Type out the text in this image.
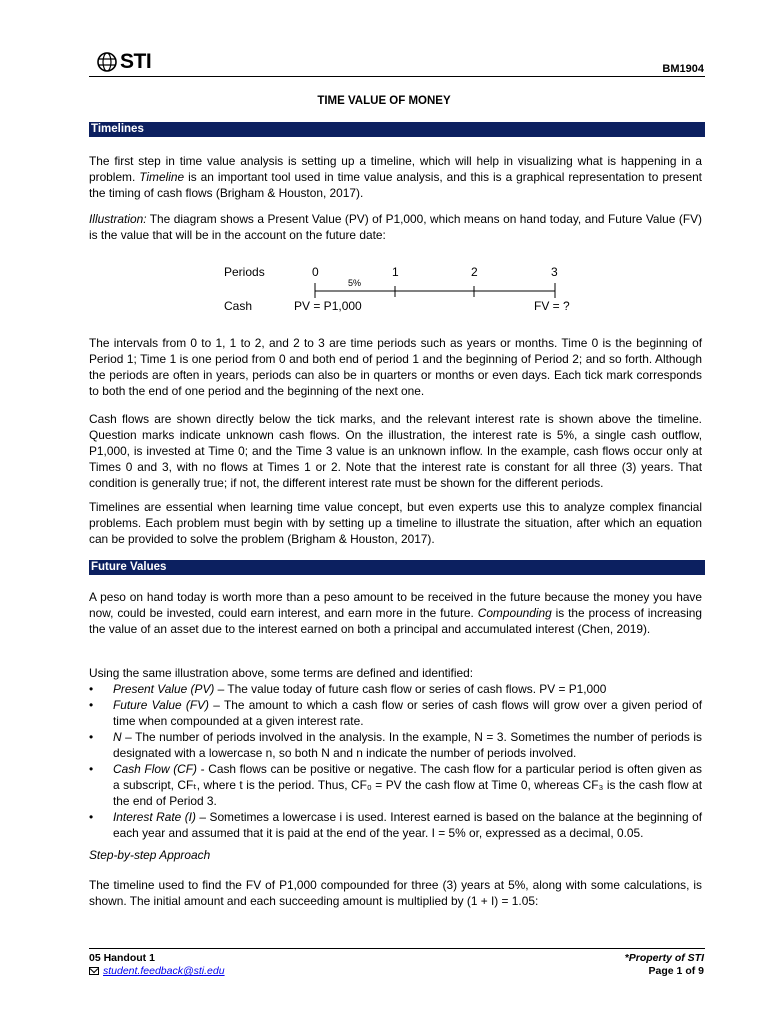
STI	BM1904
TIME VALUE OF MONEY
Timelines
The first step in time value analysis is setting up a timeline, which will help in visualizing what is happening in a problem. Timeline is an important tool used in time value analysis, and this is a graphical representation to present the timing of cash flows (Brigham & Houston, 2017).
Illustration: The diagram shows a Present Value (PV) of P1,000, which means on hand today, and Future Value (FV) is the value that will be in the account on the future date:
Periods
Cash
0	1	2	3
5%
PV = P1,000	FV = ?
The intervals from 0 to 1, 1 to 2, and 2 to 3 are time periods such as years or months. Time 0 is the beginning of Period 1; Time 1 is one period from 0 and both end of period 1 and the beginning of Period 2; and so forth. Although the periods are often in years, periods can also be in quarters or months or even days. Each tick mark corresponds to both the end of one period and the beginning of the next one.
Cash flows are shown directly below the tick marks, and the relevant interest rate is shown above the timeline. Question marks indicate unknown cash flows. On the illustration, the interest rate is 5%, a single cash outflow, P1,000, is invested at Time 0; and the Time 3 value is an unknown inflow. In the example, cash flows occur only at Times 0 and 3, with no flows at Times 1 or 2. Note that the interest rate is constant for all three (3) years. That condition is generally true; if not, the different interest rate must be shown for the different periods.
Timelines are essential when learning time value concept, but even experts use this to analyze complex financial problems. Each problem must begin with by setting up a timeline to illustrate the situation, after which an equation can be provided to solve the problem (Brigham & Houston, 2017).
Future Values
A peso on hand today is worth more than a peso amount to be received in the future because the money you have now, could be invested, could earn interest, and earn more in the future. Compounding is the process of increasing the value of an asset due to the interest earned on both a principal and accumulated interest (Chen, 2019).
Using the same illustration above, some terms are defined and identified:
• Present Value (PV) – The value today of future cash flow or series of cash flows. PV = P1,000
• Future Value (FV) – The amount to which a cash flow or series of cash flows will grow over a given period of time when compounded at a given interest rate.
• N – The number of periods involved in the analysis. In the example, N = 3. Sometimes the number of periods is designated with a lowercase n, so both N and n indicate the number of periods involved.
• Cash Flow (CF) - Cash flows can be positive or negative. The cash flow for a particular period is often given as a subscript, CFₜ, where t is the period. Thus, CF₀ = PV the cash flow at Time 0, whereas CF₃ is the cash flow at the end of Period 3.
• Interest Rate (I) – Sometimes a lowercase i is used. Interest earned is based on the balance at the beginning of each year and assumed that it is paid at the end of the year. I = 5% or, expressed as a decimal, 0.05.
Step-by-step Approach
The timeline used to find the FV of P1,000 compounded for three (3) years at 5%, along with some calculations, is shown. The initial amount and each succeeding amount is multiplied by (1 + I) = 1.05:
05 Handout 1
student.feedback@sti.edu
*Property of STI
Page 1 of 9
